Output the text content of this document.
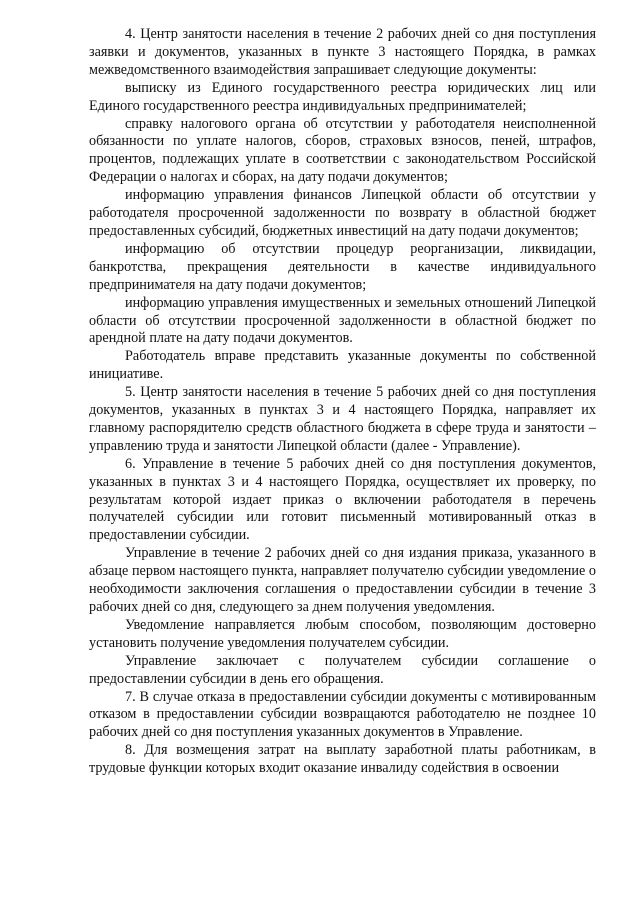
4. Центр занятости населения в течение 2 рабочих дней со дня поступления заявки и документов, указанных в пункте 3 настоящего Порядка, в рамках межведомственного взаимодействия запрашивает следующие документы:

выписку из Единого государственного реестра юридических лиц или Единого государственного реестра индивидуальных предпринимателей;

справку налогового органа об отсутствии у работодателя неисполненной обязанности по уплате налогов, сборов, страховых взносов, пеней, штрафов, процентов, подлежащих уплате в соответствии с законодательством Российской Федерации о налогах и сборах, на дату подачи документов;

информацию управления финансов Липецкой области об отсутствии у работодателя просроченной задолженности по возврату в областной бюджет предоставленных субсидий, бюджетных инвестиций на дату подачи документов;

информацию об отсутствии процедур реорганизации, ликвидации, банкротства, прекращения деятельности в качестве индивидуального предпринимателя на дату подачи документов;

информацию управления имущественных и земельных отношений Липецкой области об отсутствии просроченной задолженности в областной бюджет по арендной плате на дату подачи документов.

Работодатель вправе представить указанные документы по собственной инициативе.

5. Центр занятости населения в течение 5 рабочих дней со дня поступления документов, указанных в пунктах 3 и 4 настоящего Порядка, направляет их главному распорядителю средств областного бюджета в сфере труда и занятости – управлению труда и занятости Липецкой области (далее - Управление).

6. Управление в течение 5 рабочих дней со дня поступления документов, указанных в пунктах 3 и 4 настоящего Порядка, осуществляет их проверку, по результатам которой издает приказ о включении работодателя в перечень получателей субсидии или готовит письменный мотивированный отказ в предоставлении субсидии.

Управление в течение 2 рабочих дней со дня издания приказа, указанного в абзаце первом настоящего пункта, направляет получателю субсидии уведомление о необходимости заключения соглашения о предоставлении субсидии в течение 3 рабочих дней со дня, следующего за днем получения уведомления.

Уведомление направляется любым способом, позволяющим достоверно установить получение уведомления получателем субсидии.

Управление заключает с получателем субсидии соглашение о предоставлении субсидии в день его обращения.

7. В случае отказа в предоставлении субсидии документы с мотивированным отказом в предоставлении субсидии возвращаются работодателю не позднее 10 рабочих дней со дня поступления указанных документов в Управление.

8. Для возмещения затрат на выплату заработной платы работникам, в трудовые функции которых входит оказание инвалиду содействия в освоении
